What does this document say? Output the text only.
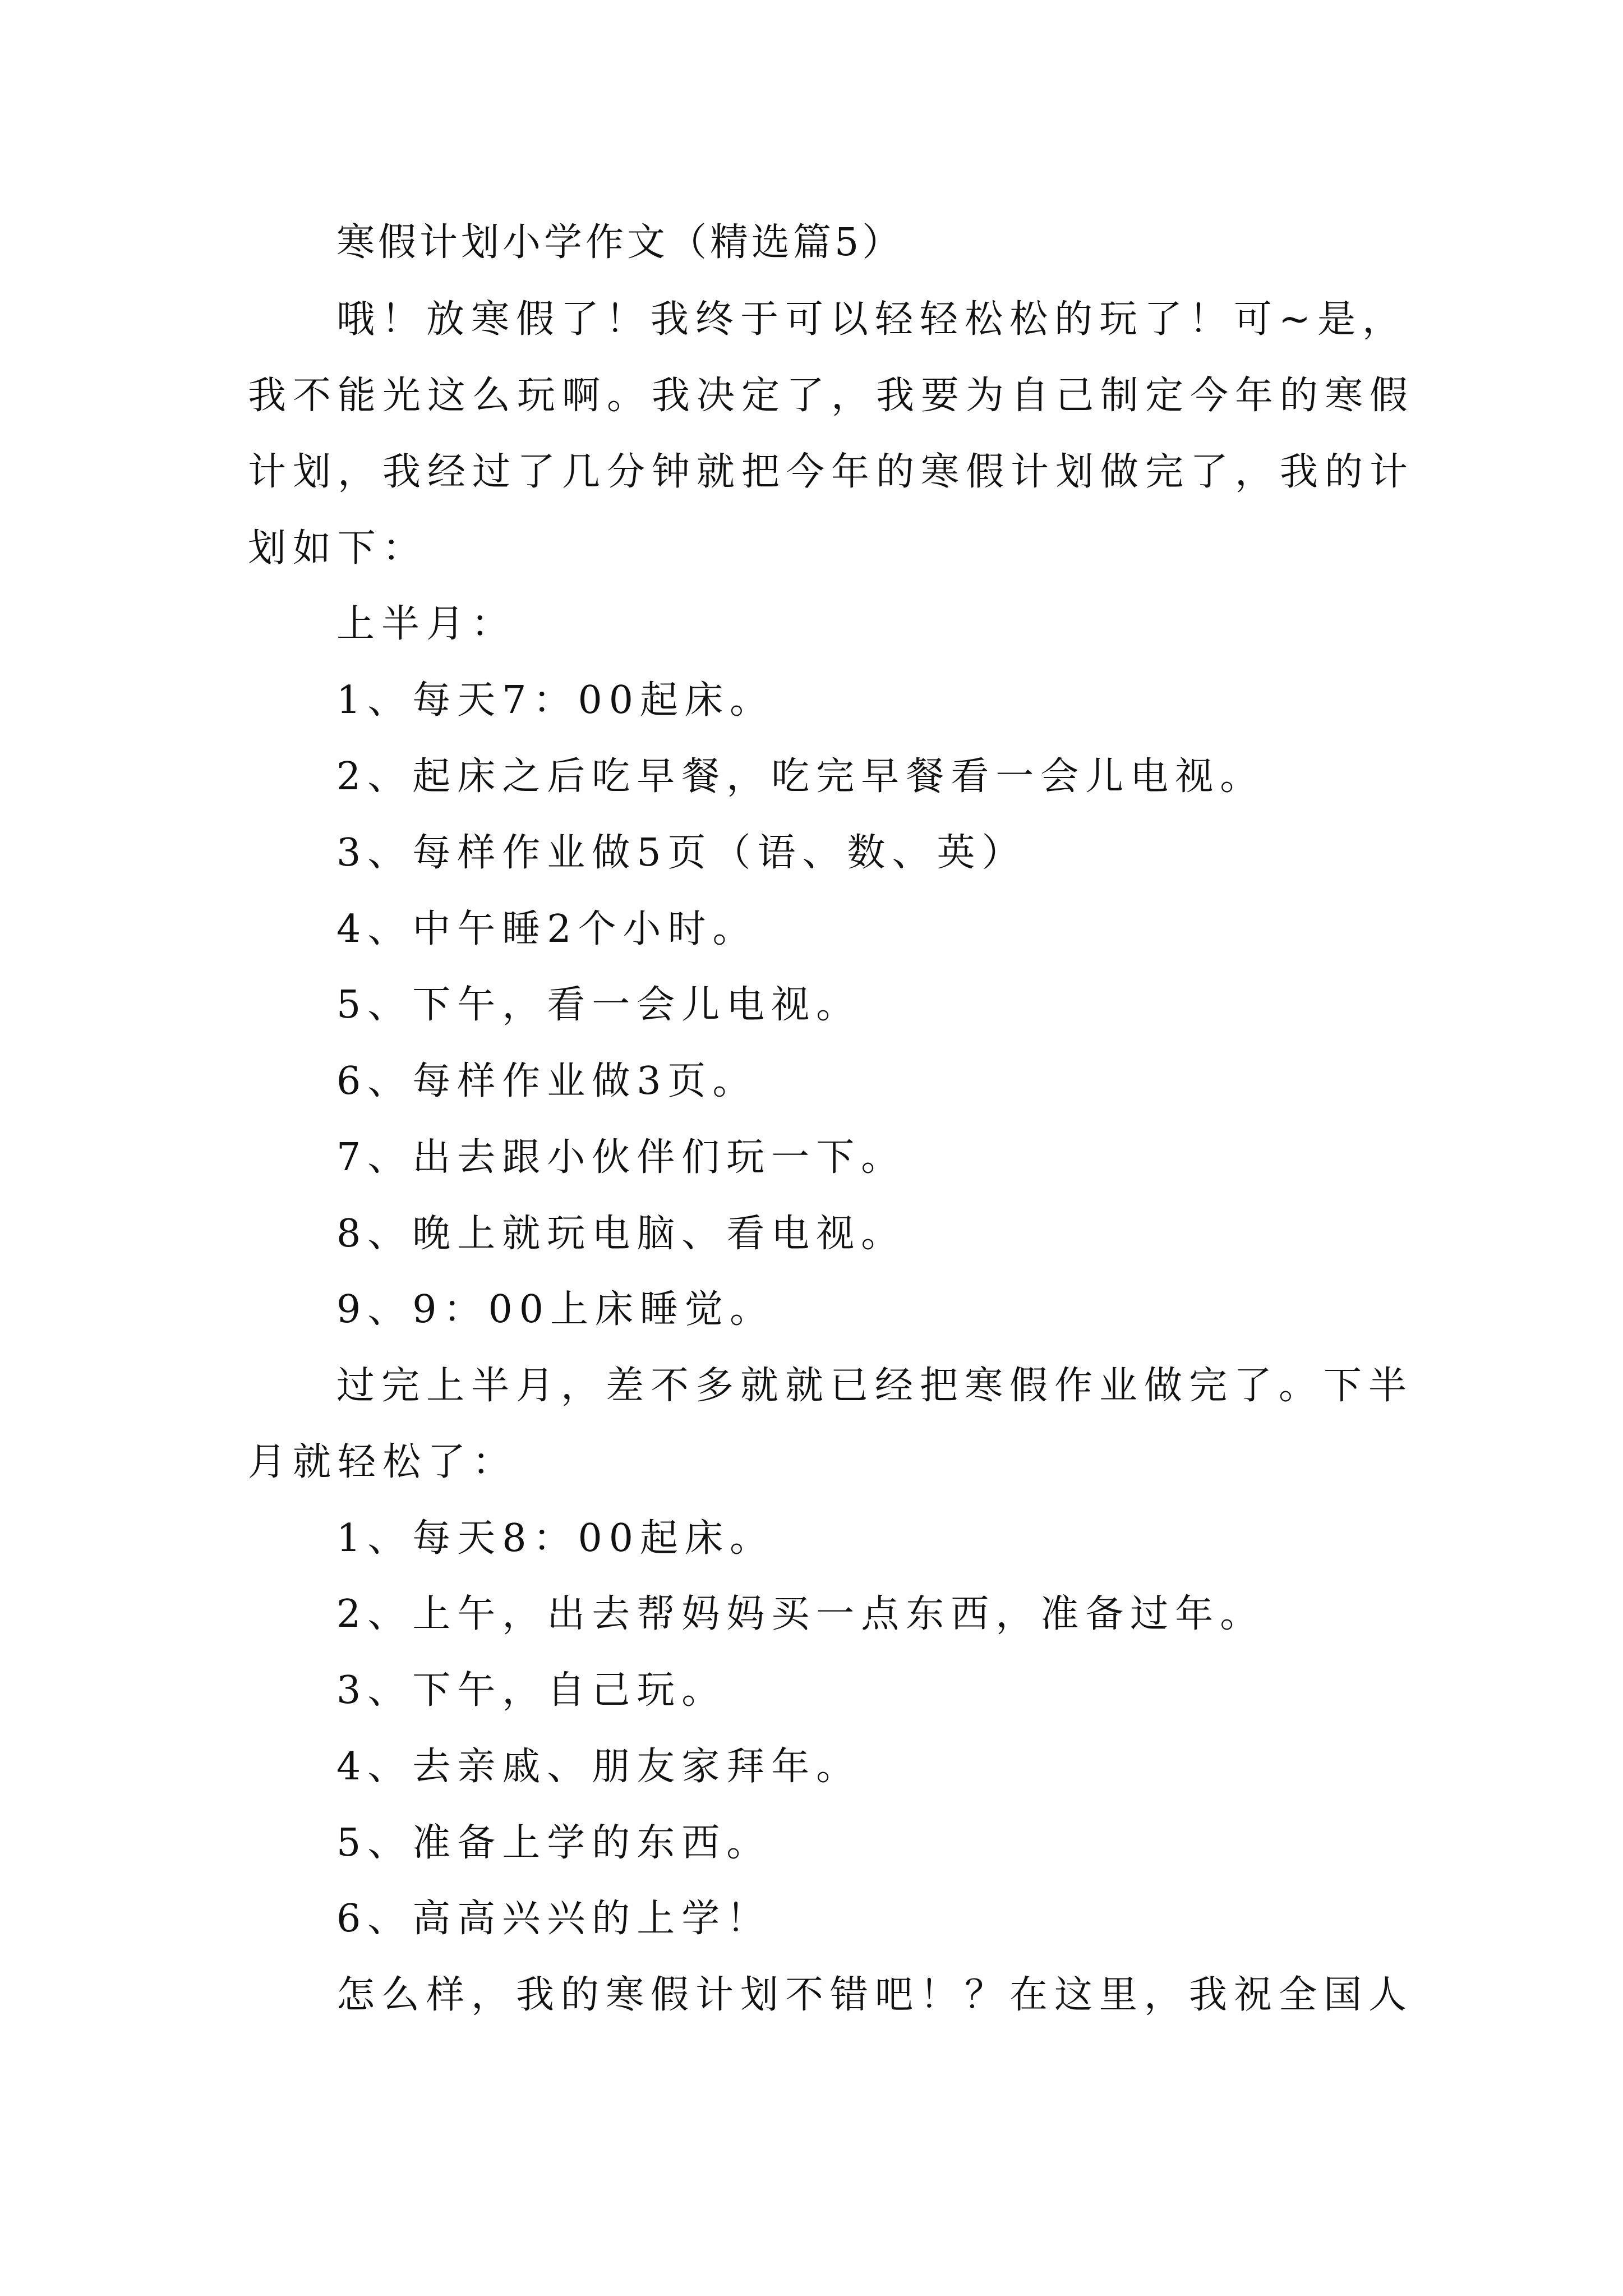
寒假计划小学作文（精选篇5）
哦！放寒假了！我终于可以轻轻松松的玩了！可~是，
我不能光这么玩啊。我决定了，我要为自己制定今年的寒假
计划，我经过了几分钟就把今年的寒假计划做完了，我的计
划如下：
上半月：
1、每天7：00起床。
2、起床之后吃早餐，吃完早餐看一会儿电视。
3、每样作业做5页（语、数、英）
4、中午睡2个小时。
5、下午，看一会儿电视。
6、每样作业做3页。
7、出去跟小伙伴们玩一下。
8、晚上就玩电脑、看电视。
9、9：00上床睡觉。
过完上半月，差不多就就已经把寒假作业做完了。下半
月就轻松了：
1、每天8：00起床。
2、上午，出去帮妈妈买一点东西，准备过年。
3、下午，自己玩。
4、去亲戚、朋友家拜年。
5、准备上学的东西。
6、高高兴兴的上学！
怎么样，我的寒假计划不错吧！？在这里，我祝全国人
